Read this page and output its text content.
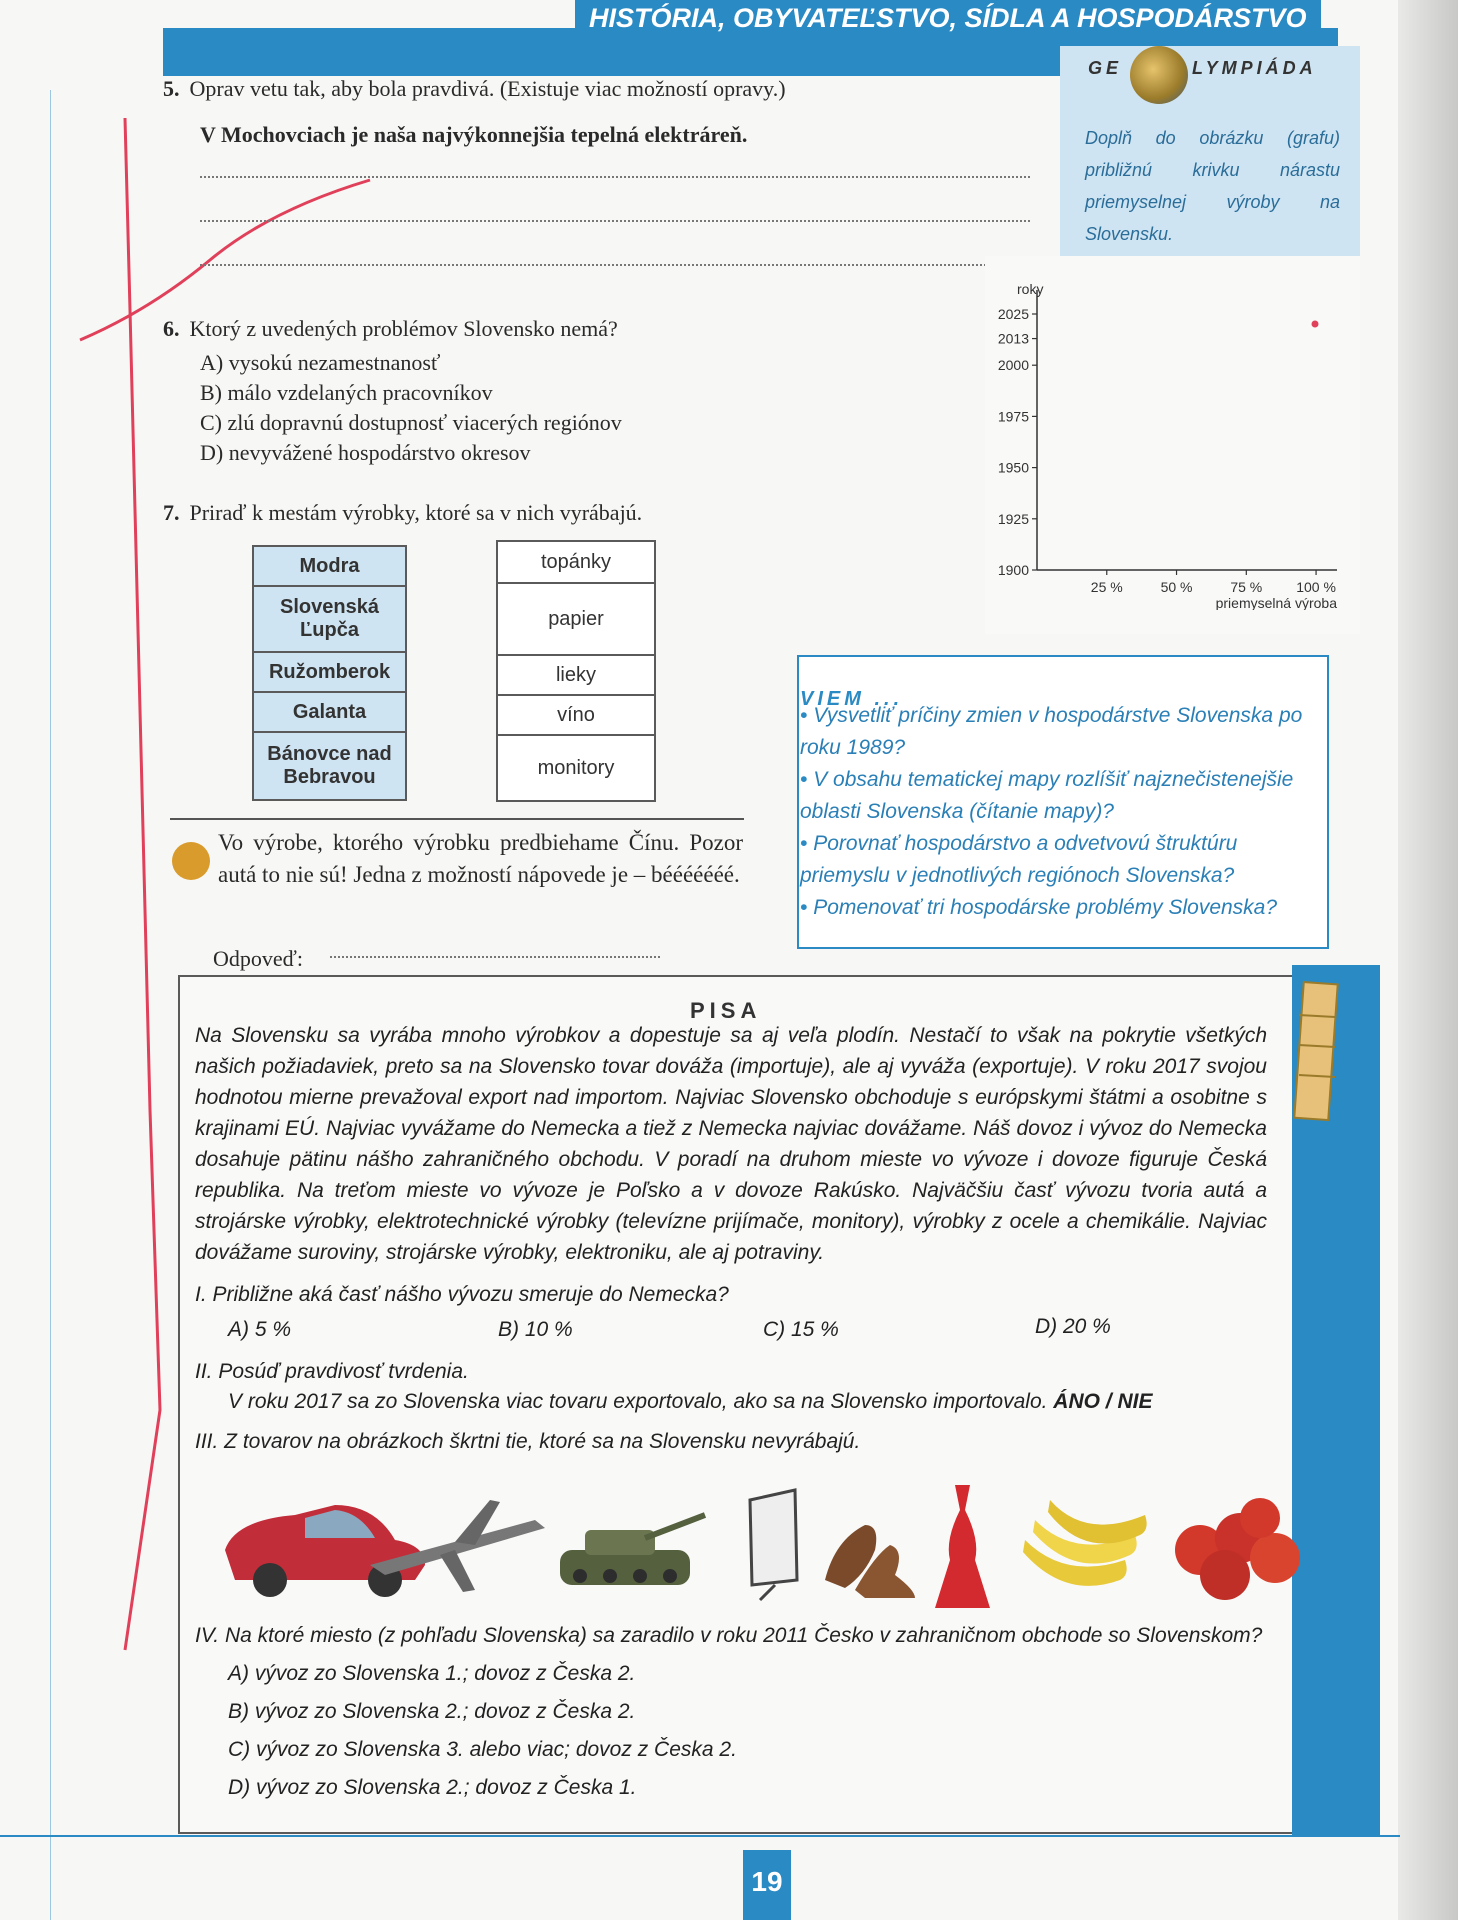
HISTÓRIA, OBYVATEĽSTVO, SÍDLA A HOSPODÁRSTVO
5. Oprav vetu tak, aby bola pravdivá. (Existuje viac možností opravy.)
V Mochovciach je naša najvýkonnejšia tepelná elektráreň.
GE	LYMPIÁDA
Doplň do obrázku (grafu) približnú krivku nárastu priemyselnej výroby na Slovensku.
roky
2025
2013
2000
1975
1950
1925
1900
25 %	50 %	75 % 100 %
priemyselná výroba
6. Ktorý z uvedených problémov Slovensko nemá?
A) vysokú nezamestnanosť
B) málo vzdelaných pracovníkov
C) zlú dopravnú dostupnosť viacerých regiónov
D) nevyvážené hospodárstvo okresov
7. Priraď k mestám výrobky, ktoré sa v nich vyrábajú.
Modra
Slovenská Ľupča
Ružomberok
Galanta
Bánovce nad Bebravou
topánky
papier
lieky
víno
monitory
Vo výrobe, ktorého výrobku predbiehame Čínu. Pozor autá to nie sú! Jedna z možností nápovede je – bééééééé.
Odpoveď:
VIEM ...
• Vysvetliť príčiny zmien v hospodárstve Slovenska po roku 1989?
• V obsahu tematickej mapy rozlíšiť najznečistenejšie oblasti Slovenska (čítanie mapy)?
• Porovnať hospodárstvo a odvetvovú štruktúru priemyslu v jednotlivých regiónoch Slovenska?
• Pomenovať tri hospodárske problémy Slovenska?
PISA
Na Slovensku sa vyrába mnoho výrobkov a dopestuje sa aj veľa plodín. Nestačí to však na pokrytie všetkých našich požiadaviek, preto sa na Slovensko tovar dováža (importuje), ale aj vyváža (exportuje). V roku 2017 svojou hodnotou mierne prevažoval export nad importom. Najviac Slovensko obchoduje s európskymi štátmi a osobitne s krajinami EÚ. Najviac vyvážame do Nemecka a tiež z Nemecka najviac dovážame. Náš dovoz i vývoz do Nemecka dosahuje pätinu nášho zahraničného obchodu. V poradí na druhom mieste vo vývoze i dovoze figuruje Česká republika. Na treťom mieste vo vývoze je Poľsko a v dovoze Rakúsko. Najväčšiu časť vývozu tvoria autá a strojárske výrobky, elektrotechnické výrobky (televízne prijímače, monitory), výrobky z ocele a chemikálie. Najviac dovážame suroviny, strojárske výrobky, elektroniku, ale aj potraviny.
I. Približne aká časť nášho vývozu smeruje do Nemecka?
A) 5 %	B) 10 %	C) 15 %	D) 20 %
II. Posúď pravdivosť tvrdenia.
V roku 2017 sa zo Slovenska viac tovaru exportovalo, ako sa na Slovensko importovalo. ÁNO / NIE
III. Z tovarov na obrázkoch škrtni tie, ktoré sa na Slovensku nevyrábajú.
IV. Na ktoré miesto (z pohľadu Slovenska) sa zaradilo v roku 2011 Česko v zahraničnom obchode so Slovenskom?
A) vývoz zo Slovenska 1.; dovoz z Česka 2.
B) vývoz zo Slovenska 2.; dovoz z Česka 2.
C) vývoz zo Slovenska 3. alebo viac; dovoz z Česka 2.
D) vývoz zo Slovenska 2.; dovoz z Česka 1.
19
